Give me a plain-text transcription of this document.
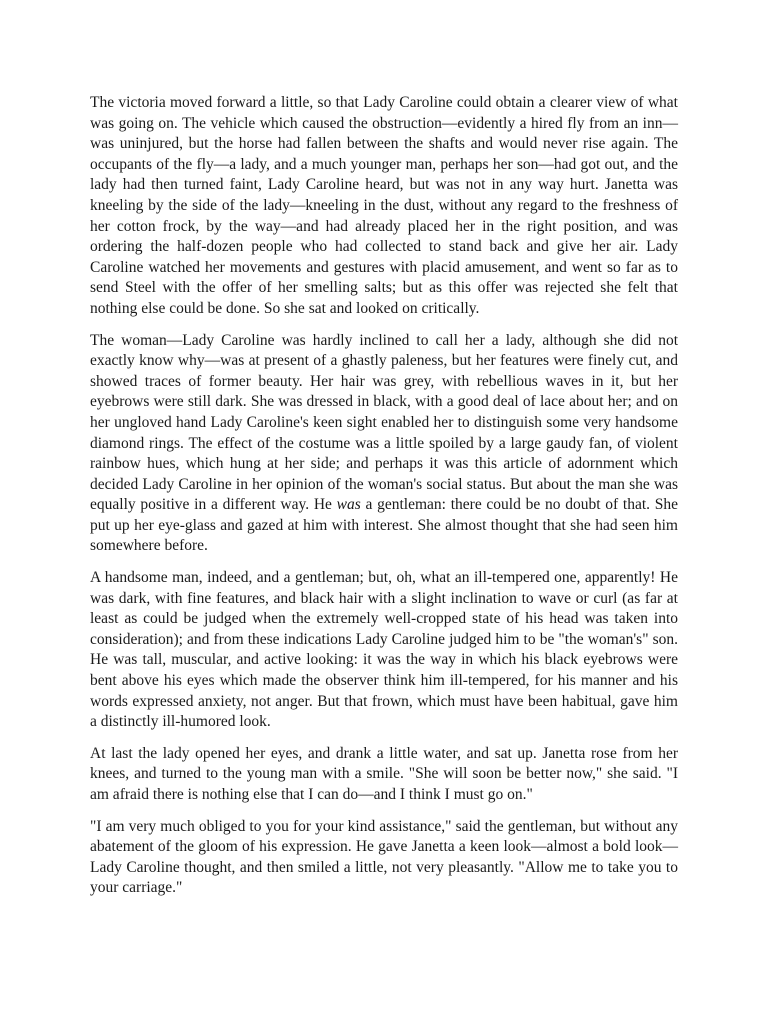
The victoria moved forward a little, so that Lady Caroline could obtain a clearer view of what was going on. The vehicle which caused the obstruction—evidently a hired fly from an inn—was uninjured, but the horse had fallen between the shafts and would never rise again. The occupants of the fly—a lady, and a much younger man, perhaps her son—had got out, and the lady had then turned faint, Lady Caroline heard, but was not in any way hurt. Janetta was kneeling by the side of the lady—kneeling in the dust, without any regard to the freshness of her cotton frock, by the way—and had already placed her in the right position, and was ordering the half-dozen people who had collected to stand back and give her air. Lady Caroline watched her movements and gestures with placid amusement, and went so far as to send Steel with the offer of her smelling salts; but as this offer was rejected she felt that nothing else could be done. So she sat and looked on critically.

The woman—Lady Caroline was hardly inclined to call her a lady, although she did not exactly know why—was at present of a ghastly paleness, but her features were finely cut, and showed traces of former beauty. Her hair was grey, with rebellious waves in it, but her eyebrows were still dark. She was dressed in black, with a good deal of lace about her; and on her ungloved hand Lady Caroline's keen sight enabled her to distinguish some very handsome diamond rings. The effect of the costume was a little spoiled by a large gaudy fan, of violent rainbow hues, which hung at her side; and perhaps it was this article of adornment which decided Lady Caroline in her opinion of the woman's social status. But about the man she was equally positive in a different way. He was a gentleman: there could be no doubt of that. She put up her eye-glass and gazed at him with interest. She almost thought that she had seen him somewhere before.

A handsome man, indeed, and a gentleman; but, oh, what an ill-tempered one, apparently! He was dark, with fine features, and black hair with a slight inclination to wave or curl (as far at least as could be judged when the extremely well-cropped state of his head was taken into consideration); and from these indications Lady Caroline judged him to be "the woman's" son. He was tall, muscular, and active looking: it was the way in which his black eyebrows were bent above his eyes which made the observer think him ill-tempered, for his manner and his words expressed anxiety, not anger. But that frown, which must have been habitual, gave him a distinctly ill-humored look.

At last the lady opened her eyes, and drank a little water, and sat up. Janetta rose from her knees, and turned to the young man with a smile. "She will soon be better now," she said. "I am afraid there is nothing else that I can do—and I think I must go on."

"I am very much obliged to you for your kind assistance," said the gentleman, but without any abatement of the gloom of his expression. He gave Janetta a keen look—almost a bold look—Lady Caroline thought, and then smiled a little, not very pleasantly. "Allow me to take you to your carriage."
